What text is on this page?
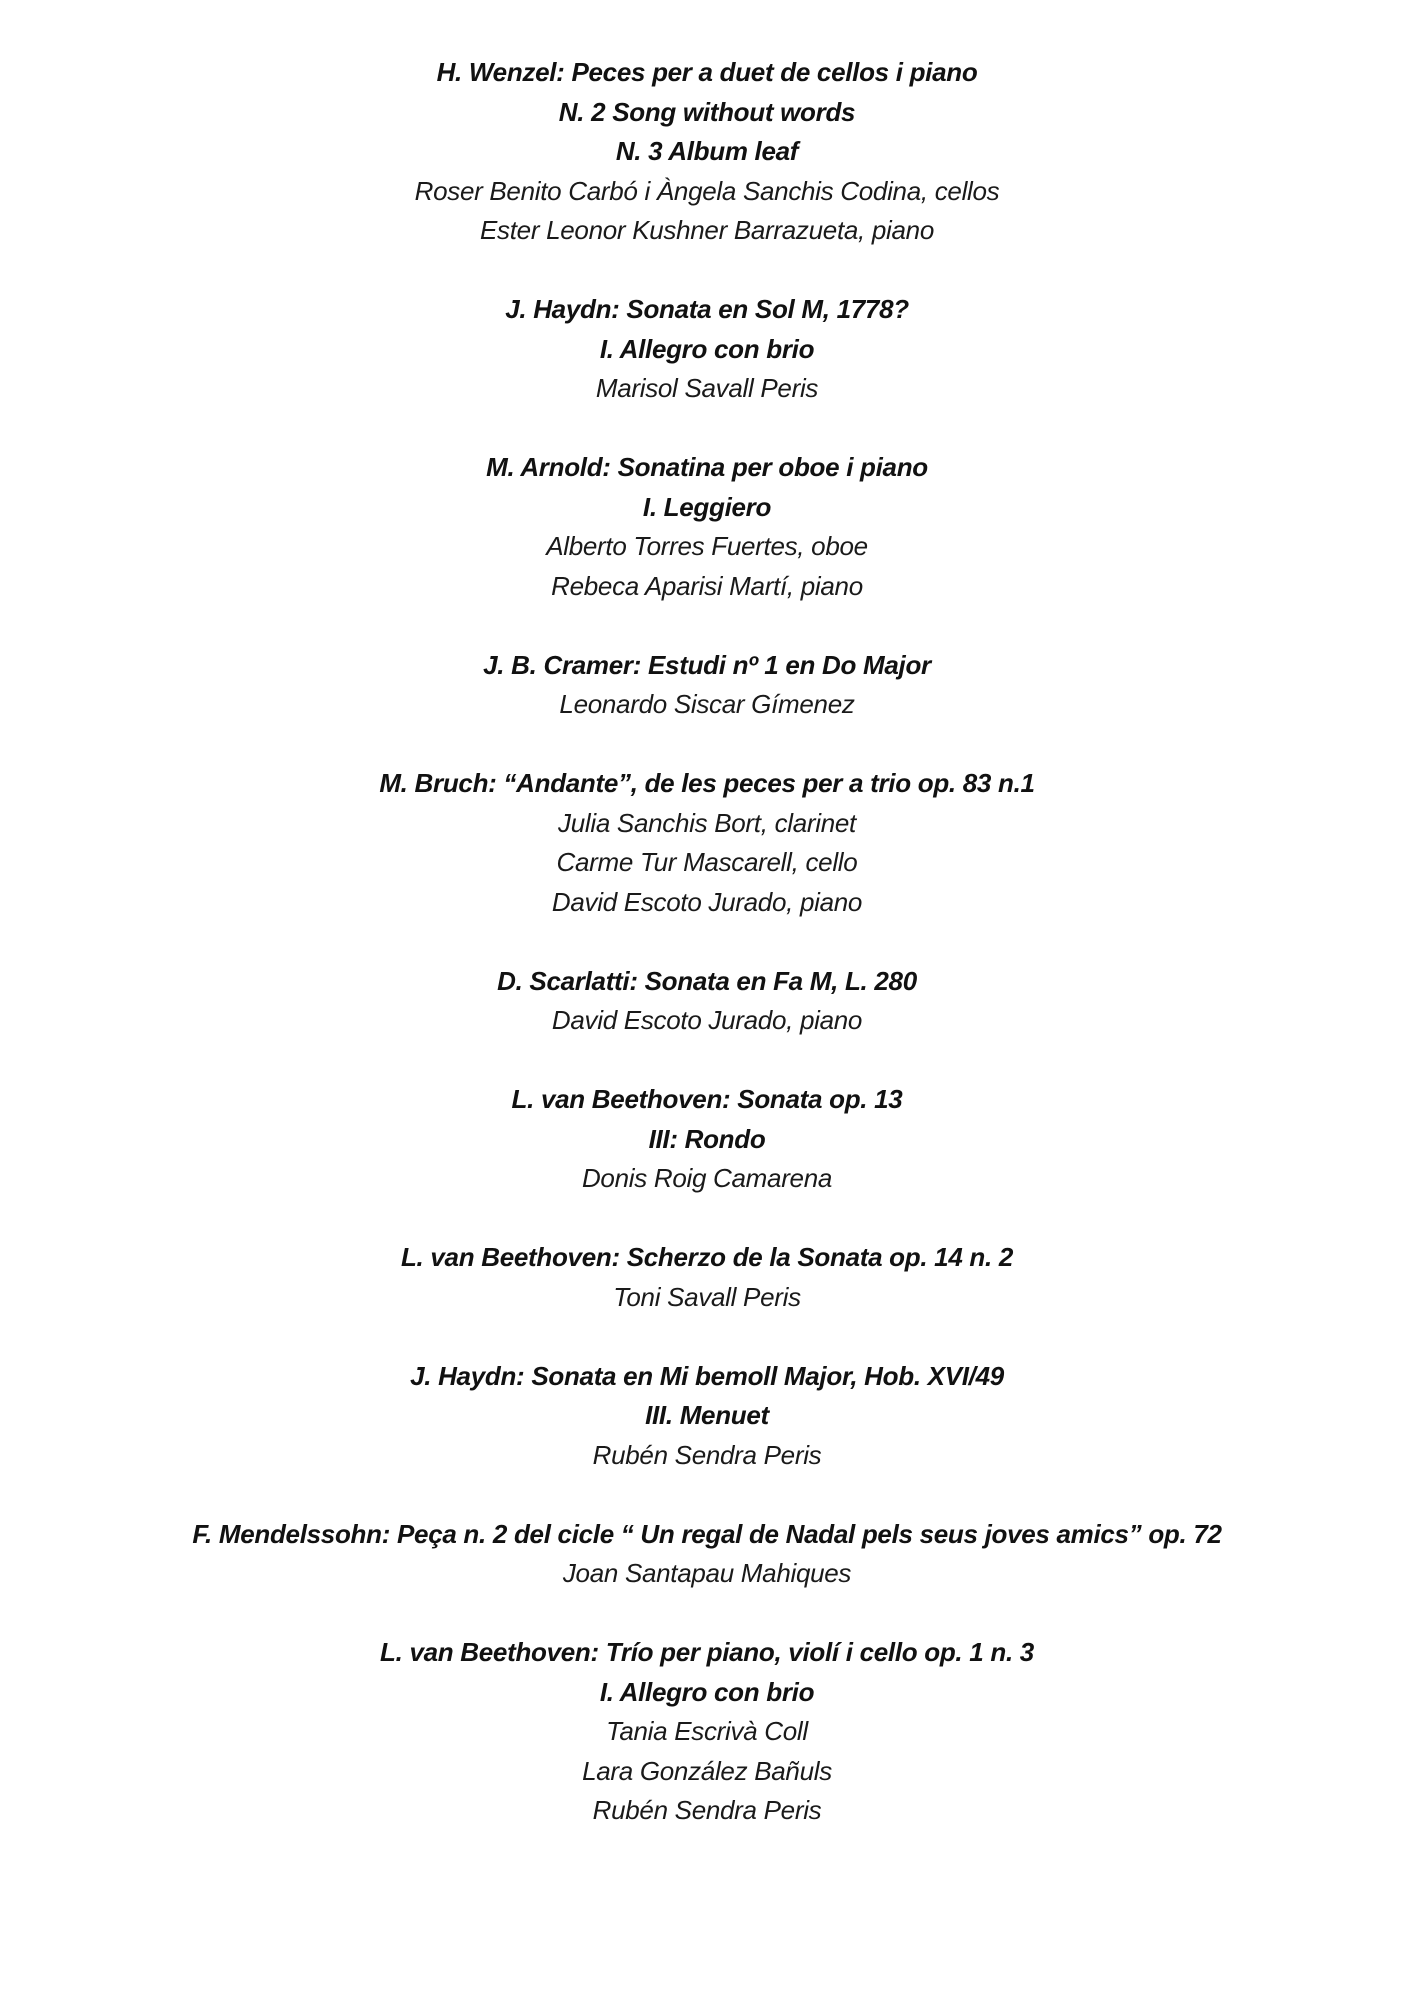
H. Wenzel: Peces per a duet de cellos i piano
N. 2 Song without words
N. 3 Album leaf
Roser Benito Carbó i Àngela Sanchis Codina, cellos
Ester Leonor Kushner Barrazueta, piano
J. Haydn: Sonata en Sol M, 1778?
I. Allegro con brio
Marisol Savall Peris
M. Arnold: Sonatina per oboe i piano
I. Leggiero
Alberto Torres Fuertes, oboe
Rebeca Aparisi Martí, piano
J. B. Cramer: Estudi nº 1 en Do Major
Leonardo Siscar Gímenez
M. Bruch: “Andante”, de les peces per a trio op. 83 n.1
Julia Sanchis Bort, clarinet
Carme Tur Mascarell, cello
David Escoto Jurado, piano
D. Scarlatti: Sonata en Fa M, L. 280
David Escoto Jurado, piano
L. van Beethoven: Sonata op. 13
III: Rondo
Donis Roig Camarena
L. van Beethoven: Scherzo de la Sonata op. 14 n. 2
Toni Savall Peris
J. Haydn: Sonata en Mi bemoll Major, Hob. XVI/49
III. Menuet
Rubén Sendra Peris
F. Mendelssohn: Peça n. 2 del cicle “ Un regal de Nadal pels seus joves amics” op. 72
Joan Santapau Mahiques
L. van Beethoven: Trío per piano, violí i cello op. 1 n. 3
I. Allegro con brio
Tania Escrivà Coll
Lara González Bañuls
Rubén Sendra Peris
